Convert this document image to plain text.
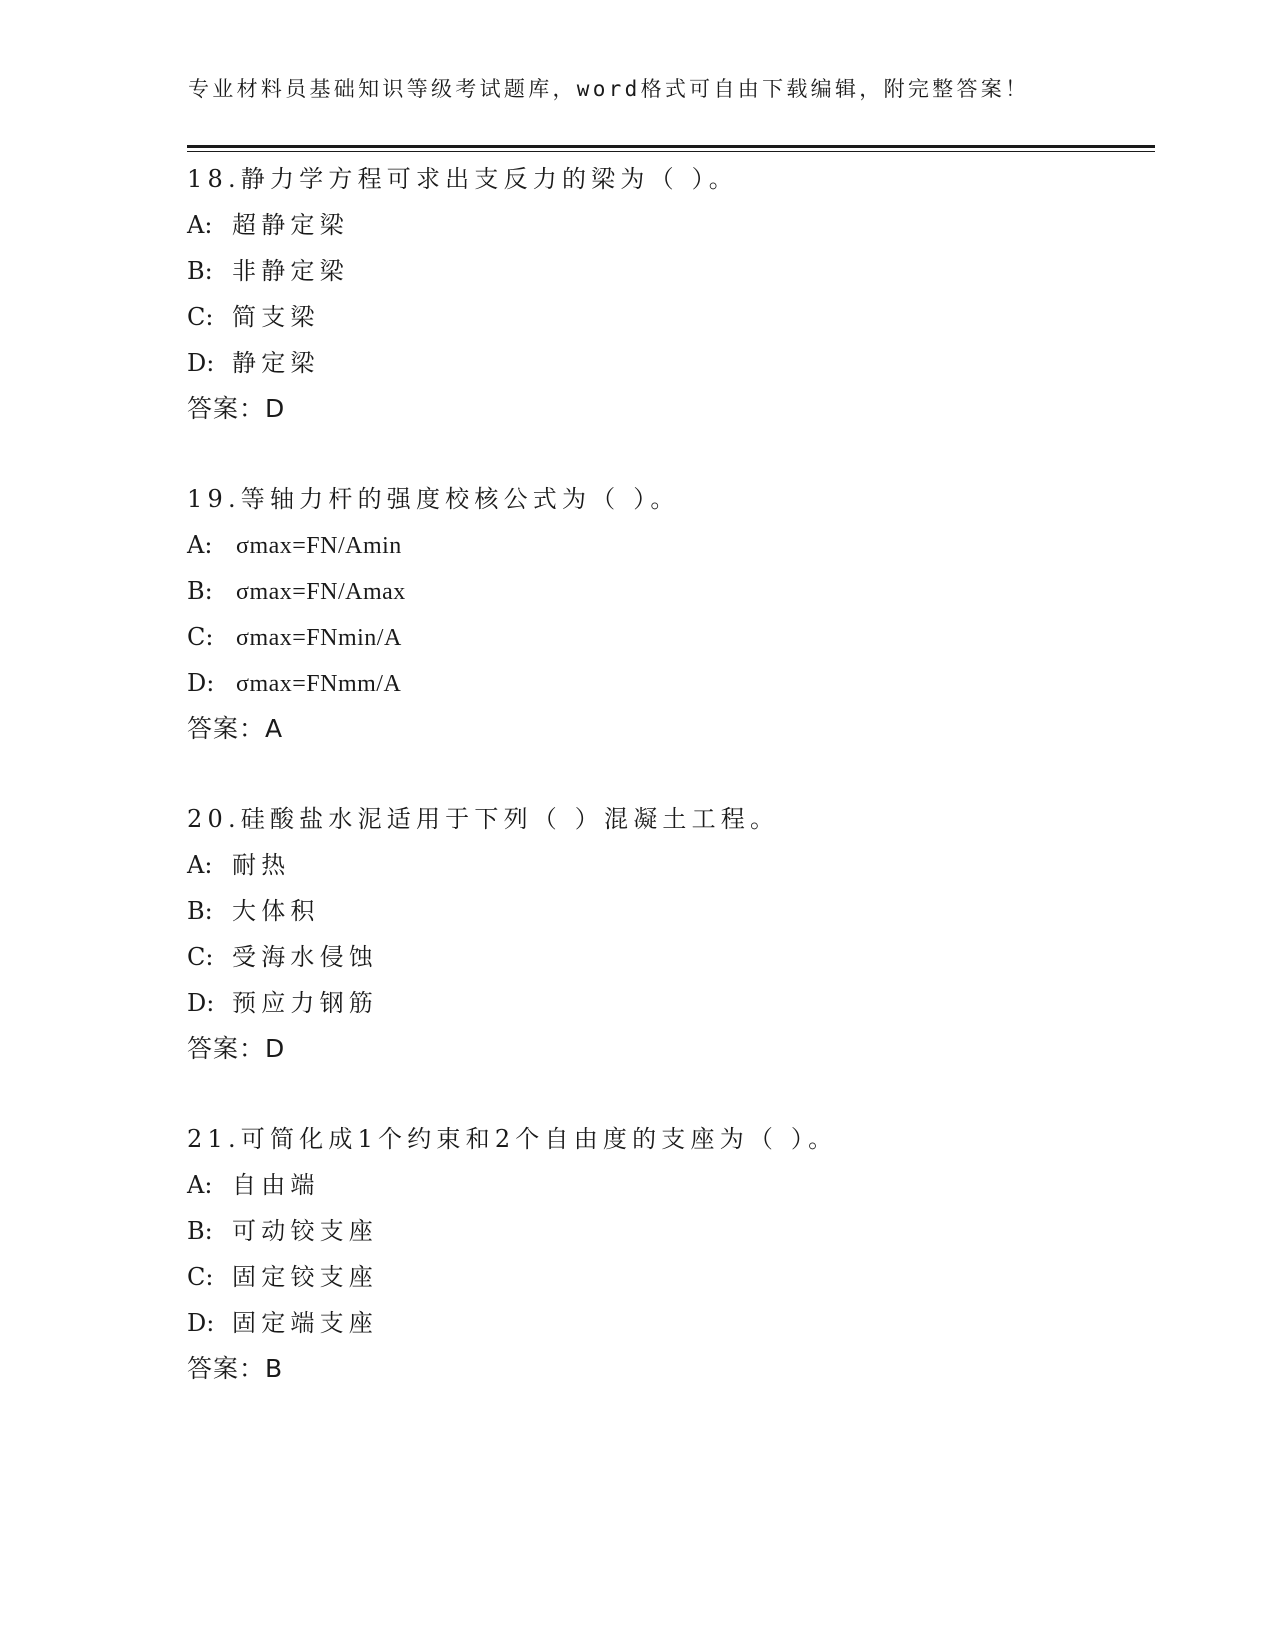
专业材料员基础知识等级考试题库，word格式可自由下载编辑，附完整答案！
18.静力学方程可求出支反力的梁为（ ）。
A: 超静定梁
B: 非静定梁
C: 简支梁
D: 静定梁
答案：D
19.等轴力杆的强度校核公式为（ ）。
A: σmax=FN/Amin
B: σmax=FN/Amax
C: σmax=FNmin/A
D: σmax=FNmm/A
答案：A
20.硅酸盐水泥适用于下列（ ）混凝土工程。
A: 耐热
B: 大体积
C: 受海水侵蚀
D: 预应力钢筋
答案：D
21.可简化成1个约束和2个自由度的支座为（ ）。
A: 自由端
B: 可动铰支座
C: 固定铰支座
D: 固定端支座
答案：B
